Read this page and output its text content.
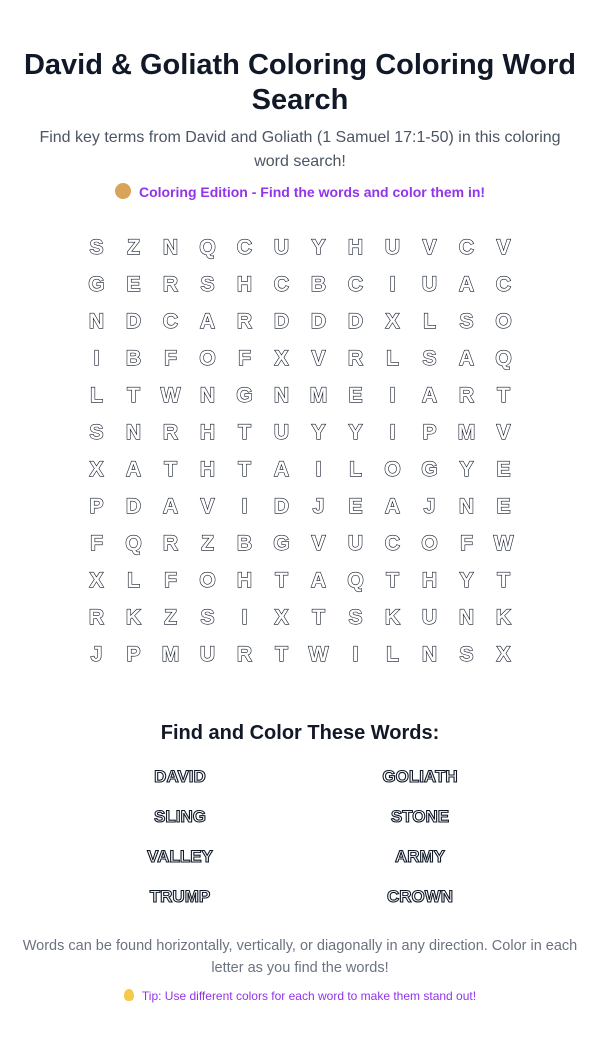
David & Goliath Coloring Coloring Word Search

Find key terms from David and Goliath (1 Samuel 17:1-50) in this coloring word search!

Coloring Edition - Find the words and color them in!
S	Z	N	Q	C	U	Y	H	U	V	C	V
G	E	R	S	H	C	B	C	I	U	A	C
N	D	C	A	R	D	D	D	X	L	S	O
I	B	F	O	F	X	V	R	L	S	A	Q
L	T W N	G	N M	E	I	A	R	T
S	N	R	H	T	U	Y	Y	I	P	M	V
X	A	T	H	T	A	I	L	O G	Y	E
P	D	A	V	I	D	J	E	A	J	N	E
F	Q	R	Z	B	G	V	U	C	O	F W
X	L	F	O	H	T	A	Q	T	H	Y	T
R	K	Z	S	I	X	T	S	K	U	N	K
J	P	M U	R	T W	I	L	N	S	X
Find and Color These Words:
DAVID	GOLIATH
SLING	STONE
VALLEY	ARMY
TRUMP	CROWN
Words can be found horizontally, vertically, or diagonally in any direction. Color in each letter as you find the words!
Tip: Use different colors for each word to make them stand out!
